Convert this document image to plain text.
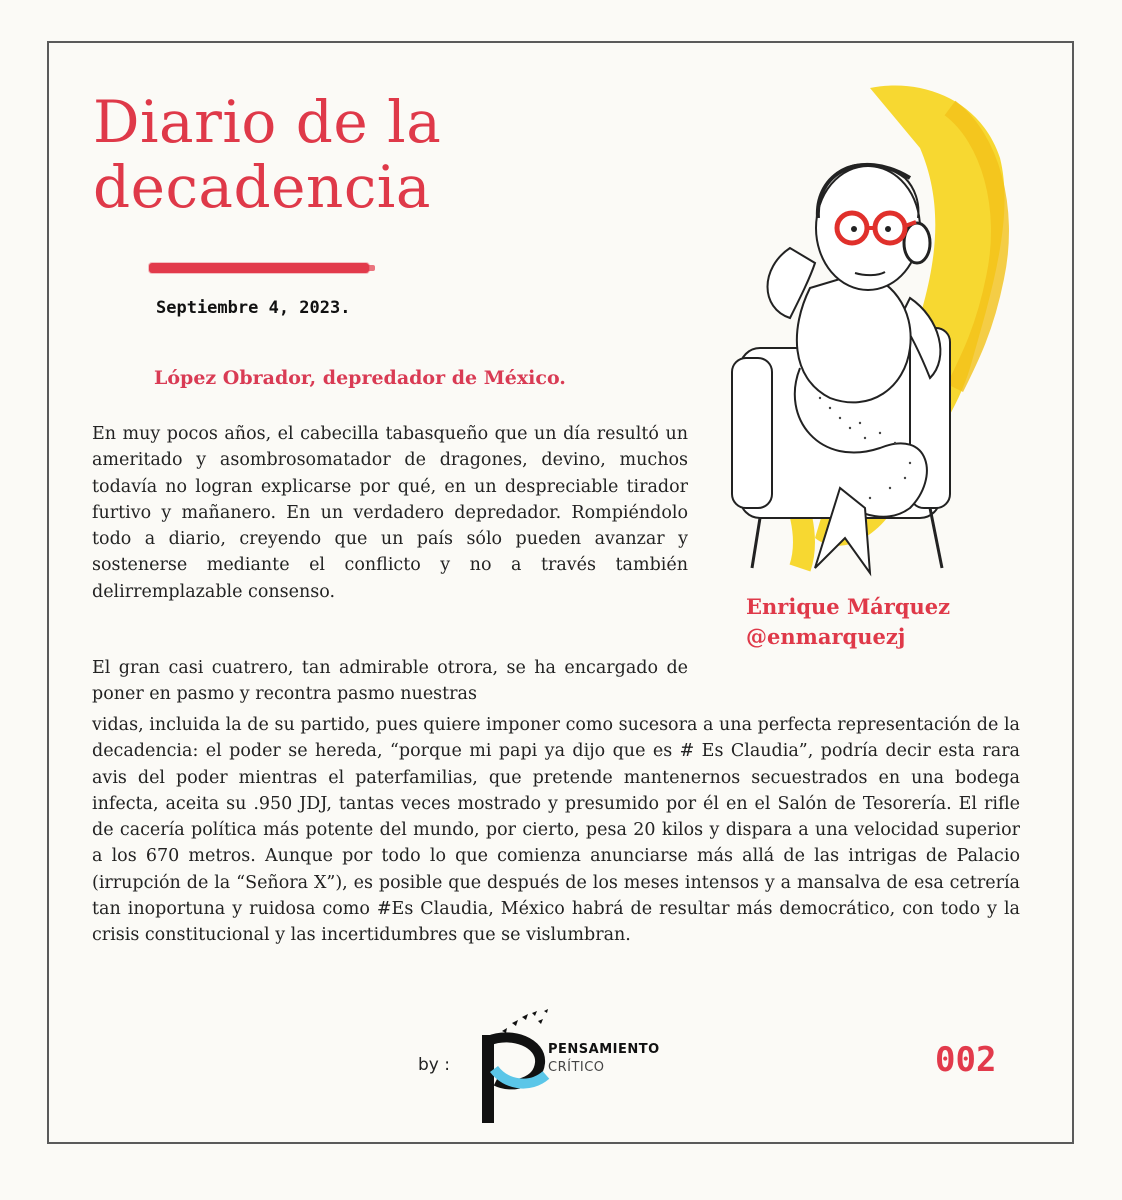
Diario de la
decadencia
Septiembre 4, 2023.
López Obrador, depredador de México.

En muy pocos años, el cabecilla tabasqueño que un día resultó un ameritado y asombrosomatador de dragones, devino, muchos todavía no logran explicarse por qué, en un despreciable tirador furtivo y mañanero. En un verdadero depredador. Rompiéndolo todo a diario, creyendo que un país sólo pueden avanzar y sostenerse mediante el conflicto y no a través también delirremplazable consenso.

El gran casi cuatrero, tan admirable otrora, se ha encargado de poner en pasmo y recontra pasmo nuestras

vidas, incluida la de su partido, pues quiere imponer como sucesora a una perfecta representación de la decadencia: el poder se hereda, “porque mi papi ya dijo que es # Es Claudia”, podría decir esta rara avis del poder mientras el paterfamilias, que pretende mantenernos secuestrados en una bodega infecta, aceita su .950 JDJ, tantas veces mostrado y presumido por él en el Salón de Tesorería. El rifle de cacería política más potente del mundo, por cierto, pesa 20 kilos y dispara a una velocidad superior a los 670 metros. Aunque por todo lo que comienza anunciarse más allá de las intrigas de Palacio (irrupción de la “Señora X”), es posible que después de los meses intensos y a mansalva de esa cetrería tan inoportuna y ruidosa como #Es Claudia, México habrá de resultar más democrático, con todo y la crisis constitucional y las incertidumbres que se vislumbran.

Enrique Márquez
@enmarquezj
by :
PENSAMIENTO
CRÍTICO	002
